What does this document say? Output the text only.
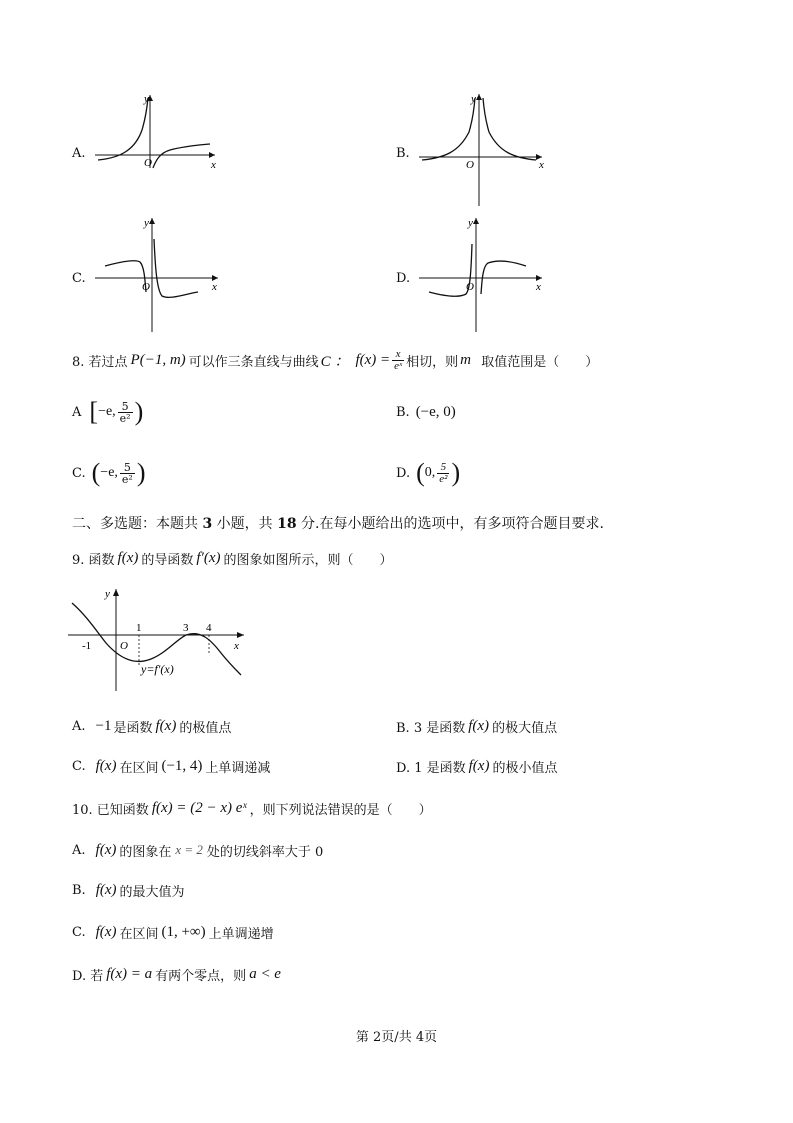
A.
O	x
y
B.
O	x
y
C.
O	x
y
D.
O	x
y
8. 若过点 P(−1, m) 可以作三条直线与曲线 C ： $f(x) = \frac{x}{\text{eˣ}}$ 相切，则 m 取值范围是（　　）
A [ −e, $\frac{5}{\text{e²}}$ )	B. (−e, 0)
C. ( −e, $\frac{5}{\text{e²}}$ )	D. ( 0, $\frac{5}{\text{e²}}$ )
二、多选题：本题共 3 小题，共 18 分.在每小题给出的选项中，有多项符合题目要求.
9. 函数 f(x) 的导函数 f′(x) 的图象如图所示，则（　　）
-1	O
1	3 4
x
y
y=f′(x)
A. −1 是函数 f(x) 的极值点	B. 3 是函数 f(x) 的极大值点
C. f(x) 在区间 (−1, 4) 上单调递减	D. 1 是函数 f(x) 的极小值点
10. 已知函数 f(x) = (2 − x) eˣ ，则下列说法错误的是（　　）
A. f(x) 的图象在 x = 2 处的切线斜率大于 0
B. f(x) 的最大值为
C. f(x) 在区间 (1, +∞) 上单调递增
D. 若 f(x) = a 有两个零点，则 a < e
第 2页/共 4页
